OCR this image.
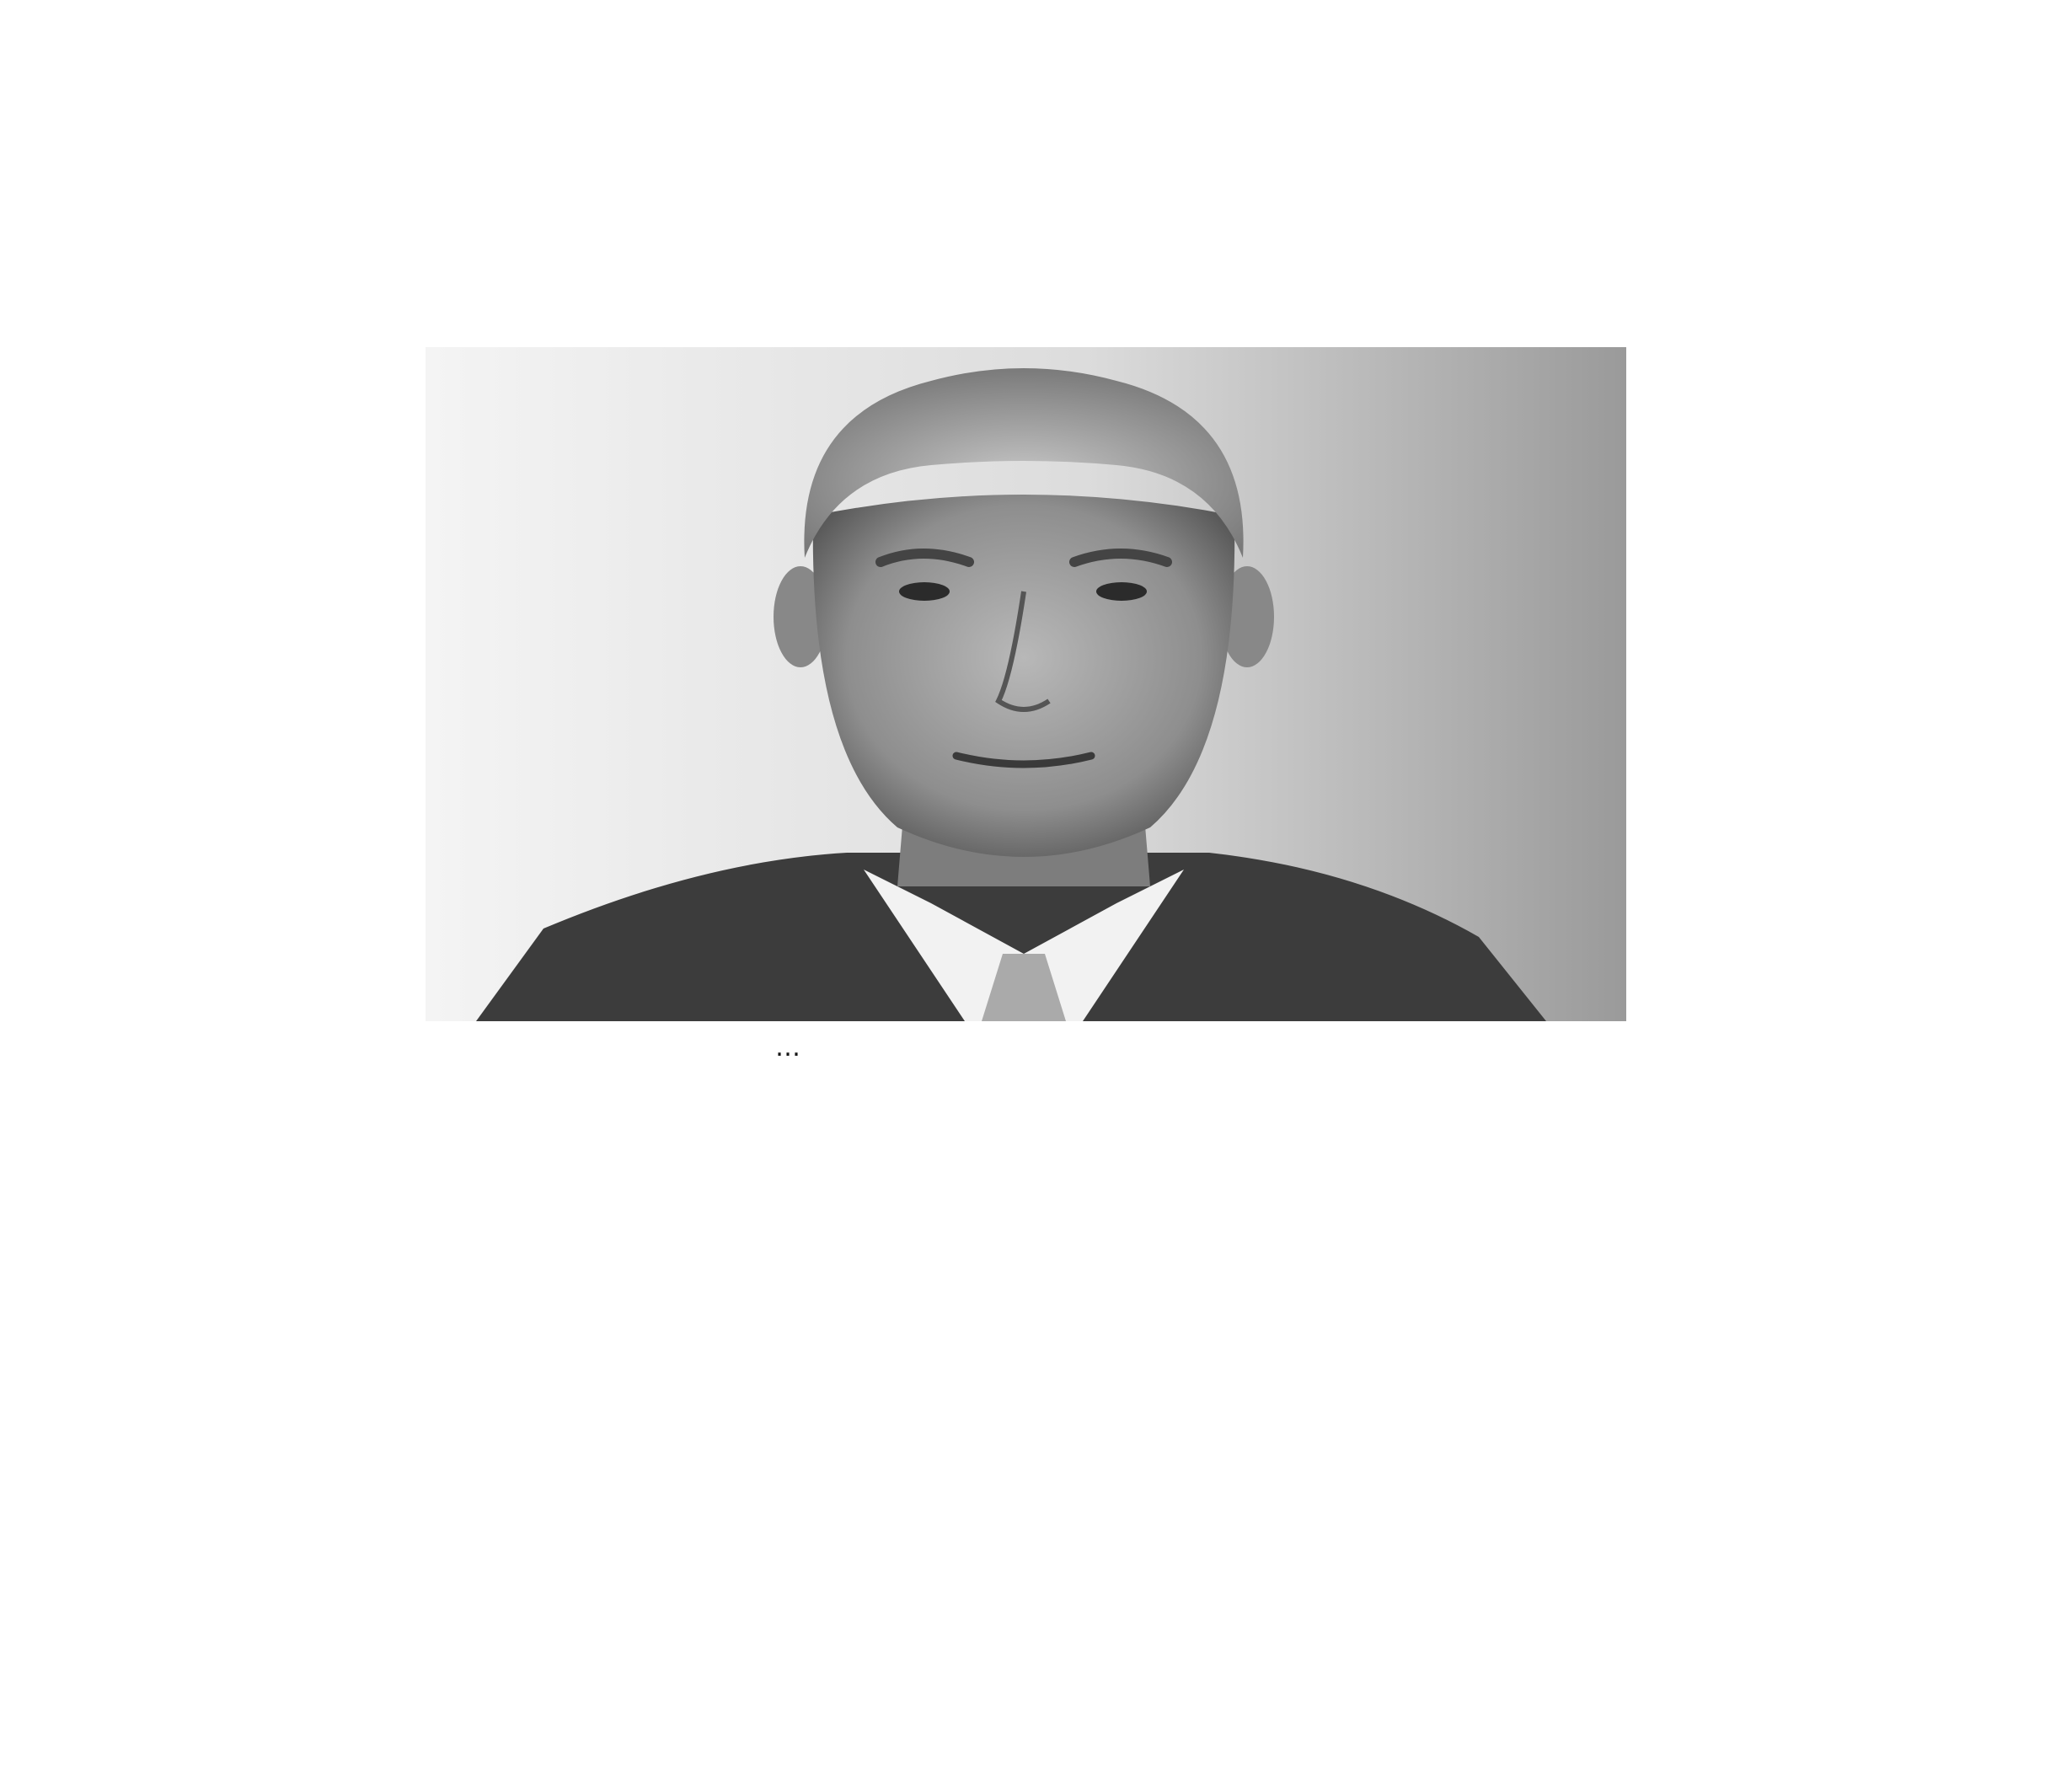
…
